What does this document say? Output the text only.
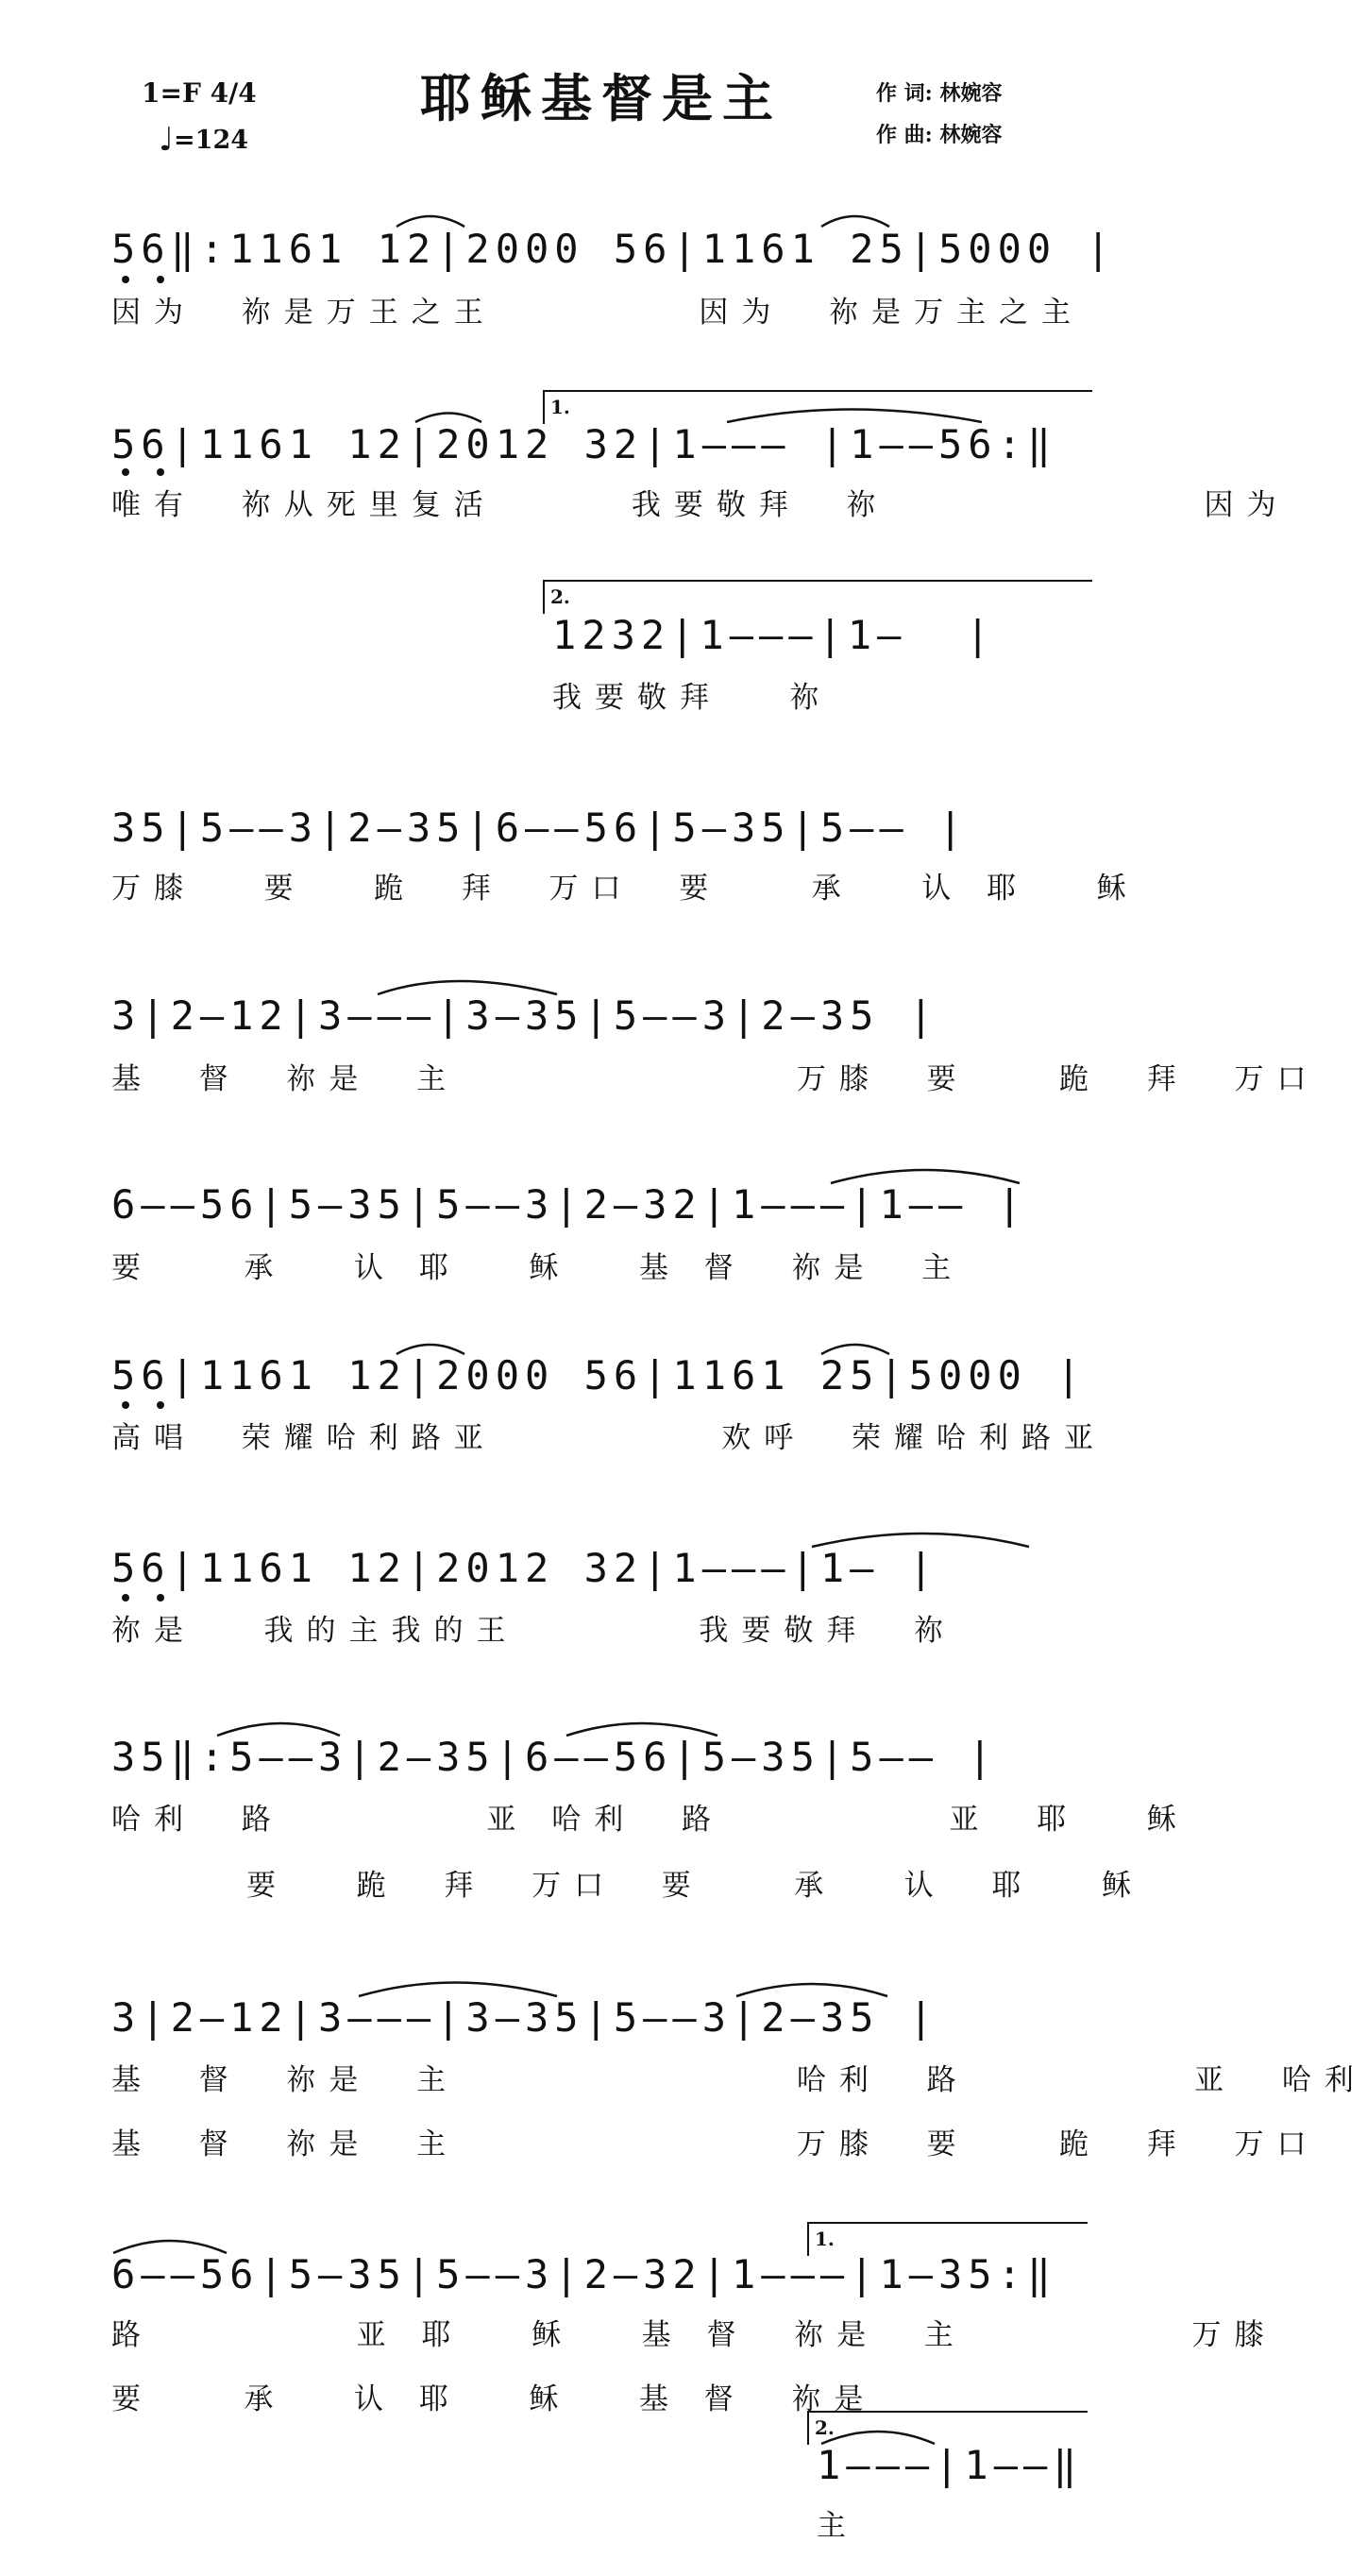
1=F 4/4
♩=124
耶稣基督是主	作 词: 林婉容
作 曲: 林婉容
56‖:1161 12|2000 56|1161 25|5000 |
因为  祢是万王之王         因为  祢是万主之主
1.
56|1161 12|2012 32|1––– |1––56:‖
唯有  祢从死里复活      我要敬拜  祢              因为
2.
1232|1–––|1–  |
我要敬拜   祢
35|5––3|2–35|6––56|5–35|5–– |
万膝   要   跪  拜  万口  要    承   认 耶   稣
3|2–12|3–––|3–35|5––3|2–35 |
基  督  祢是  主               万膝  要    跪  拜  万口
6––56|5–35|5––3|2–32|1–––|1–– |
要    承   认 耶   稣   基 督  祢是  主
56|1161 12|2000 56|1161 25|5000 |
高唱  荣耀哈利路亚          欢呼  荣耀哈利路亚
56|1161 12|2012 32|1–––|1– |
祢是   我的主我的王        我要敬拜  祢
35‖:5––3|2–35|6––56|5–35|5–– |
哈利  路         亚 哈利  路          亚  耶   稣
要   跪  拜  万口  要    承   认  耶   稣
3|2–12|3–––|3–35|5––3|2–35 |
基  督  祢是  主               哈利  路          亚  哈利
基  督  祢是  主               万膝  要    跪  拜  万口
1.
6––56|5–35|5––3|2–32|1–––|1–35:‖
路         亚 耶   稣   基 督  祢是  主          万膝
要    承   认 耶   稣   基 督  祢是
2.
1–––|1––‖
主
